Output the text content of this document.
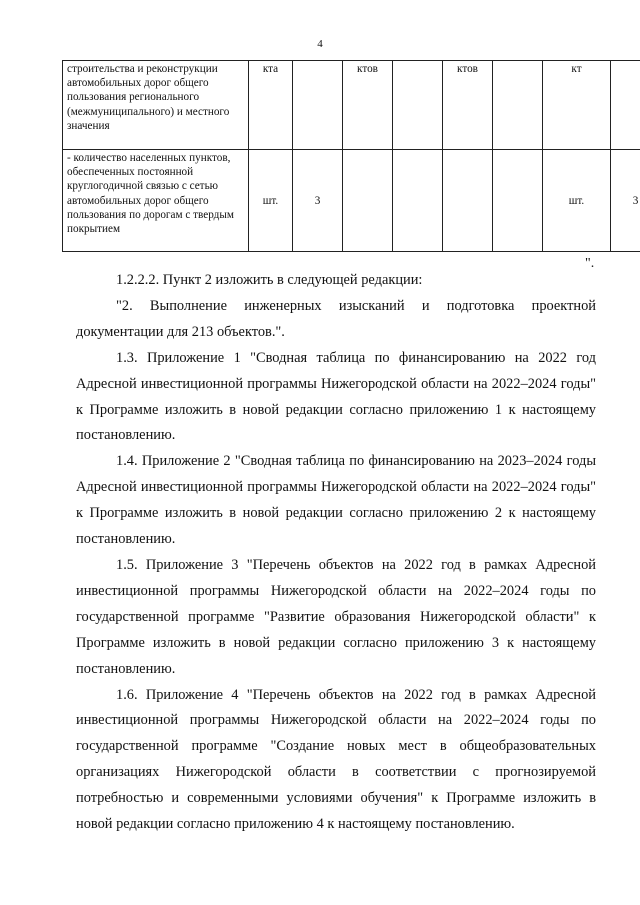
4
строительства и реконструкции автомобильных дорог общего пользования регионального (межмуниципального) и местного значения	кта		ктов		ктов		кт	
- количество населенных пунктов, обеспеченных постоянной круглогодичной связью с сетью автомобильных дорог общего пользования по дорогам с твердым покрытием	шт.	3					шт.	3
".

1.2.2.2. Пункт 2 изложить в следующей редакции:

"2. Выполнение инженерных изысканий и подготовка проектной документации для 213 объектов.".

1.3. Приложение 1 "Сводная таблица по финансированию на 2022 год Адресной инвестиционной программы Нижегородской области на 2022–2024 годы" к Программе изложить в новой редакции согласно приложению 1 к настоящему постановлению.

1.4. Приложение 2 "Сводная таблица по финансированию на 2023–2024 годы Адресной инвестиционной программы Нижегородской области на 2022–2024 годы" к Программе изложить в новой редакции согласно приложению 2 к настоящему постановлению.

1.5. Приложение 3 "Перечень объектов на 2022 год в рамках Адресной инвестиционной программы Нижегородской области на 2022–2024 годы по государственной программе "Развитие образования Нижегородской области" к Программе изложить в новой редакции согласно приложению 3 к настоящему постановлению.

1.6. Приложение 4 "Перечень объектов на 2022 год в рамках Адресной инвестиционной программы Нижегородской области на 2022–2024 годы по государственной программе "Создание новых мест в общеобразовательных организациях Нижегородской области в соответствии с прогнозируемой потребностью и современными условиями обучения" к Программе изложить в новой редакции согласно приложению 4 к настоящему постановлению.
